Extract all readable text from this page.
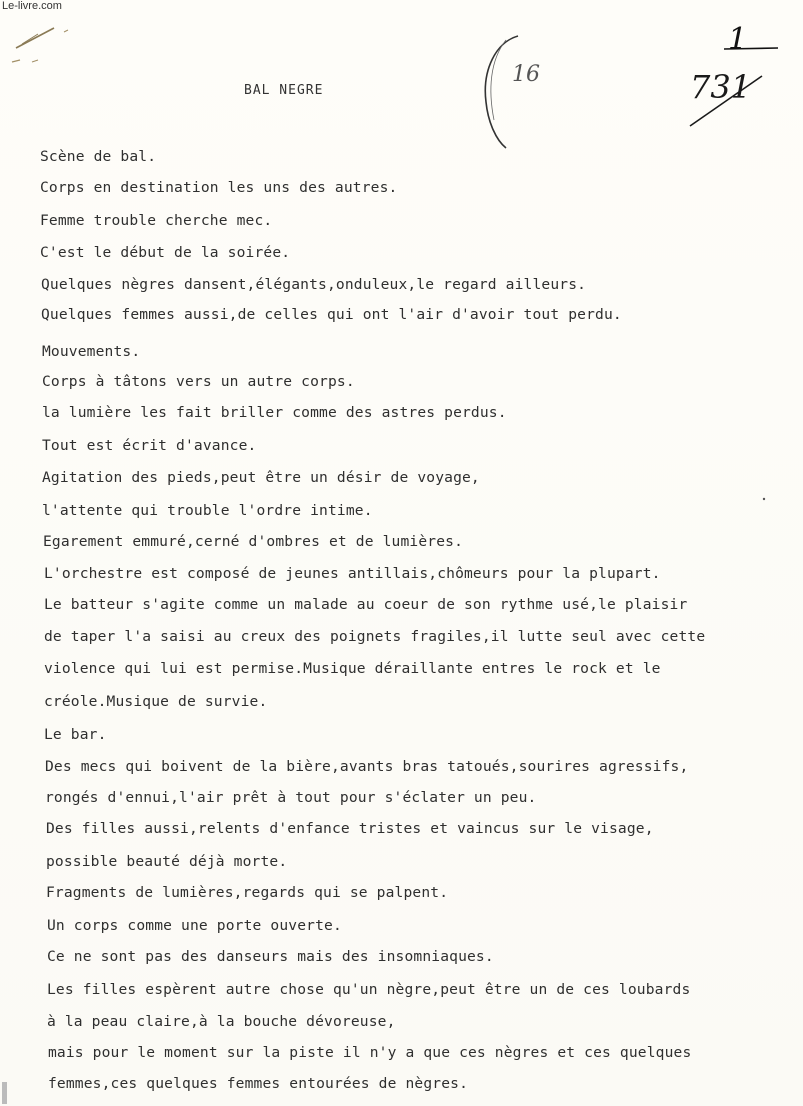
Le-livre.com
BAL NEGRE
16
1
731
Scène de bal.
Corps en destination les uns des autres.
Femme trouble cherche mec.
C'est le début de la soirée.
Quelques nègres dansent,élégants,onduleux,le regard ailleurs.
Quelques femmes aussi,de celles qui ont l'air d'avoir tout perdu.
Mouvements.
Corps à tâtons vers un autre corps.
la lumière les fait briller comme des astres perdus.
Tout est écrit d'avance.
Agitation des pieds,peut être un désir de voyage,
l'attente qui trouble l'ordre intime.
Egarement emmuré,cerné d'ombres et de lumières.
L'orchestre est composé de jeunes antillais,chômeurs pour la plupart.
Le batteur s'agite comme un malade au coeur de son rythme usé,le plaisir
de taper l'a saisi au creux des poignets fragiles,il lutte seul avec cette
violence qui lui est permise.Musique déraillante entres le rock et le
créole.Musique de survie.
Le bar.
Des mecs qui boivent de la bière,avants bras tatoués,sourires agressifs,
rongés d'ennui,l'air prêt à tout pour s'éclater un peu.
Des filles aussi,relents d'enfance tristes et vaincus sur le visage,
possible beauté déjà morte.
Fragments de lumières,regards qui se palpent.
Un corps comme une porte ouverte.
Ce ne sont pas des danseurs mais des insomniaques.
Les filles espèrent autre chose qu'un nègre,peut être un de ces loubards
à la peau claire,à la bouche dévoreuse,
mais pour le moment sur la piste il n'y a que ces nègres et ces quelques
femmes,ces quelques femmes entourées de nègres.
